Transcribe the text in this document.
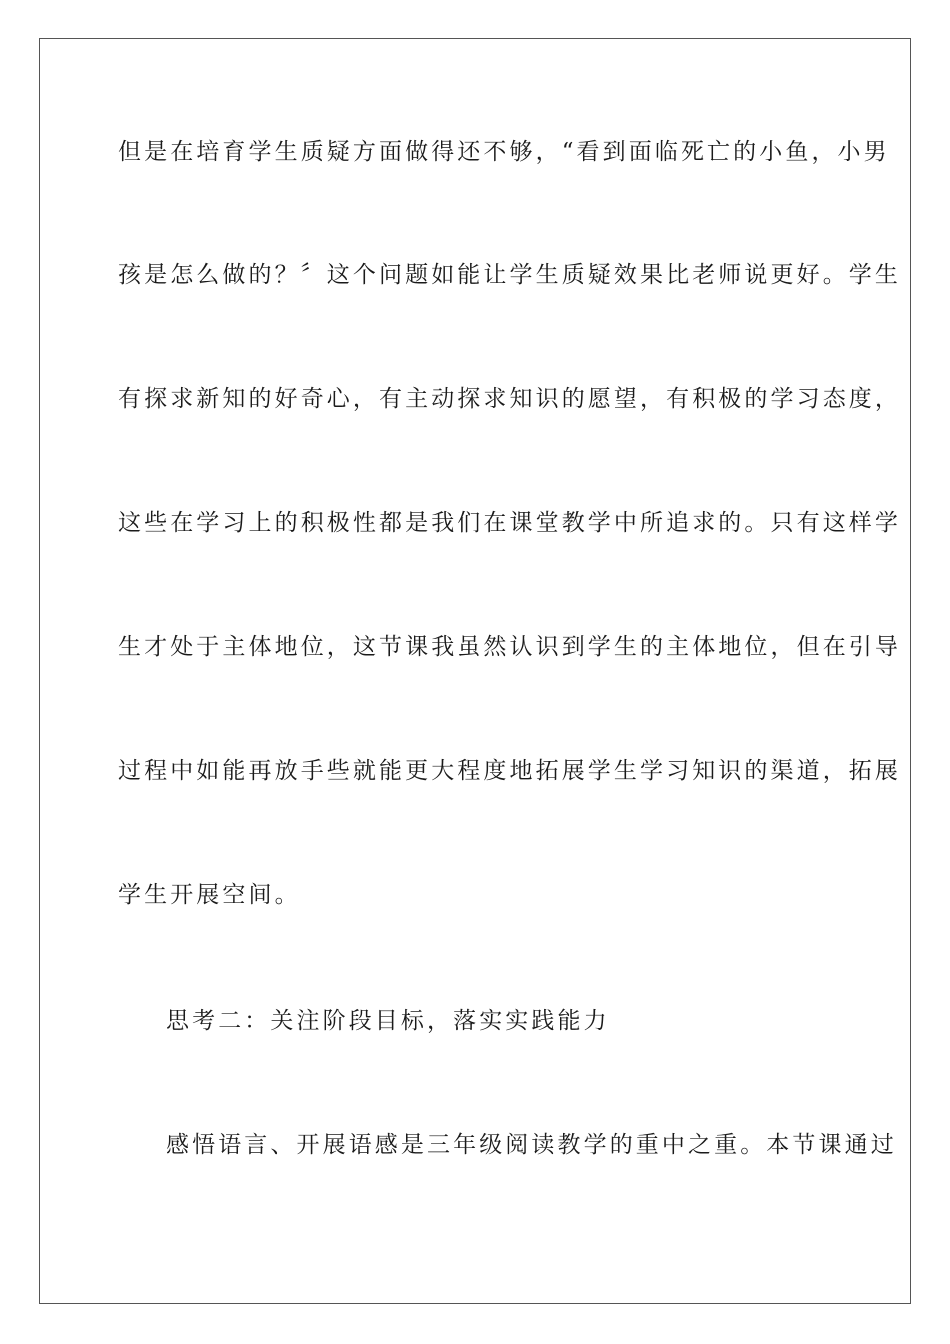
但是在培育学生质疑方面做得还不够，“看到面临死亡的小鱼，小男
孩是怎么做的？〞这个问题如能让学生质疑效果比老师说更好。学生
有探求新知的好奇心，有主动探求知识的愿望，有积极的学习态度，
这些在学习上的积极性都是我们在课堂教学中所追求的。只有这样学
生才处于主体地位，这节课我虽然认识到学生的主体地位，但在引导
过程中如能再放手些就能更大程度地拓展学生学习知识的渠道，拓展
学生开展空间。
思考二：关注阶段目标，落实实践能力
感悟语言、开展语感是三年级阅读教学的重中之重。本节课通过
